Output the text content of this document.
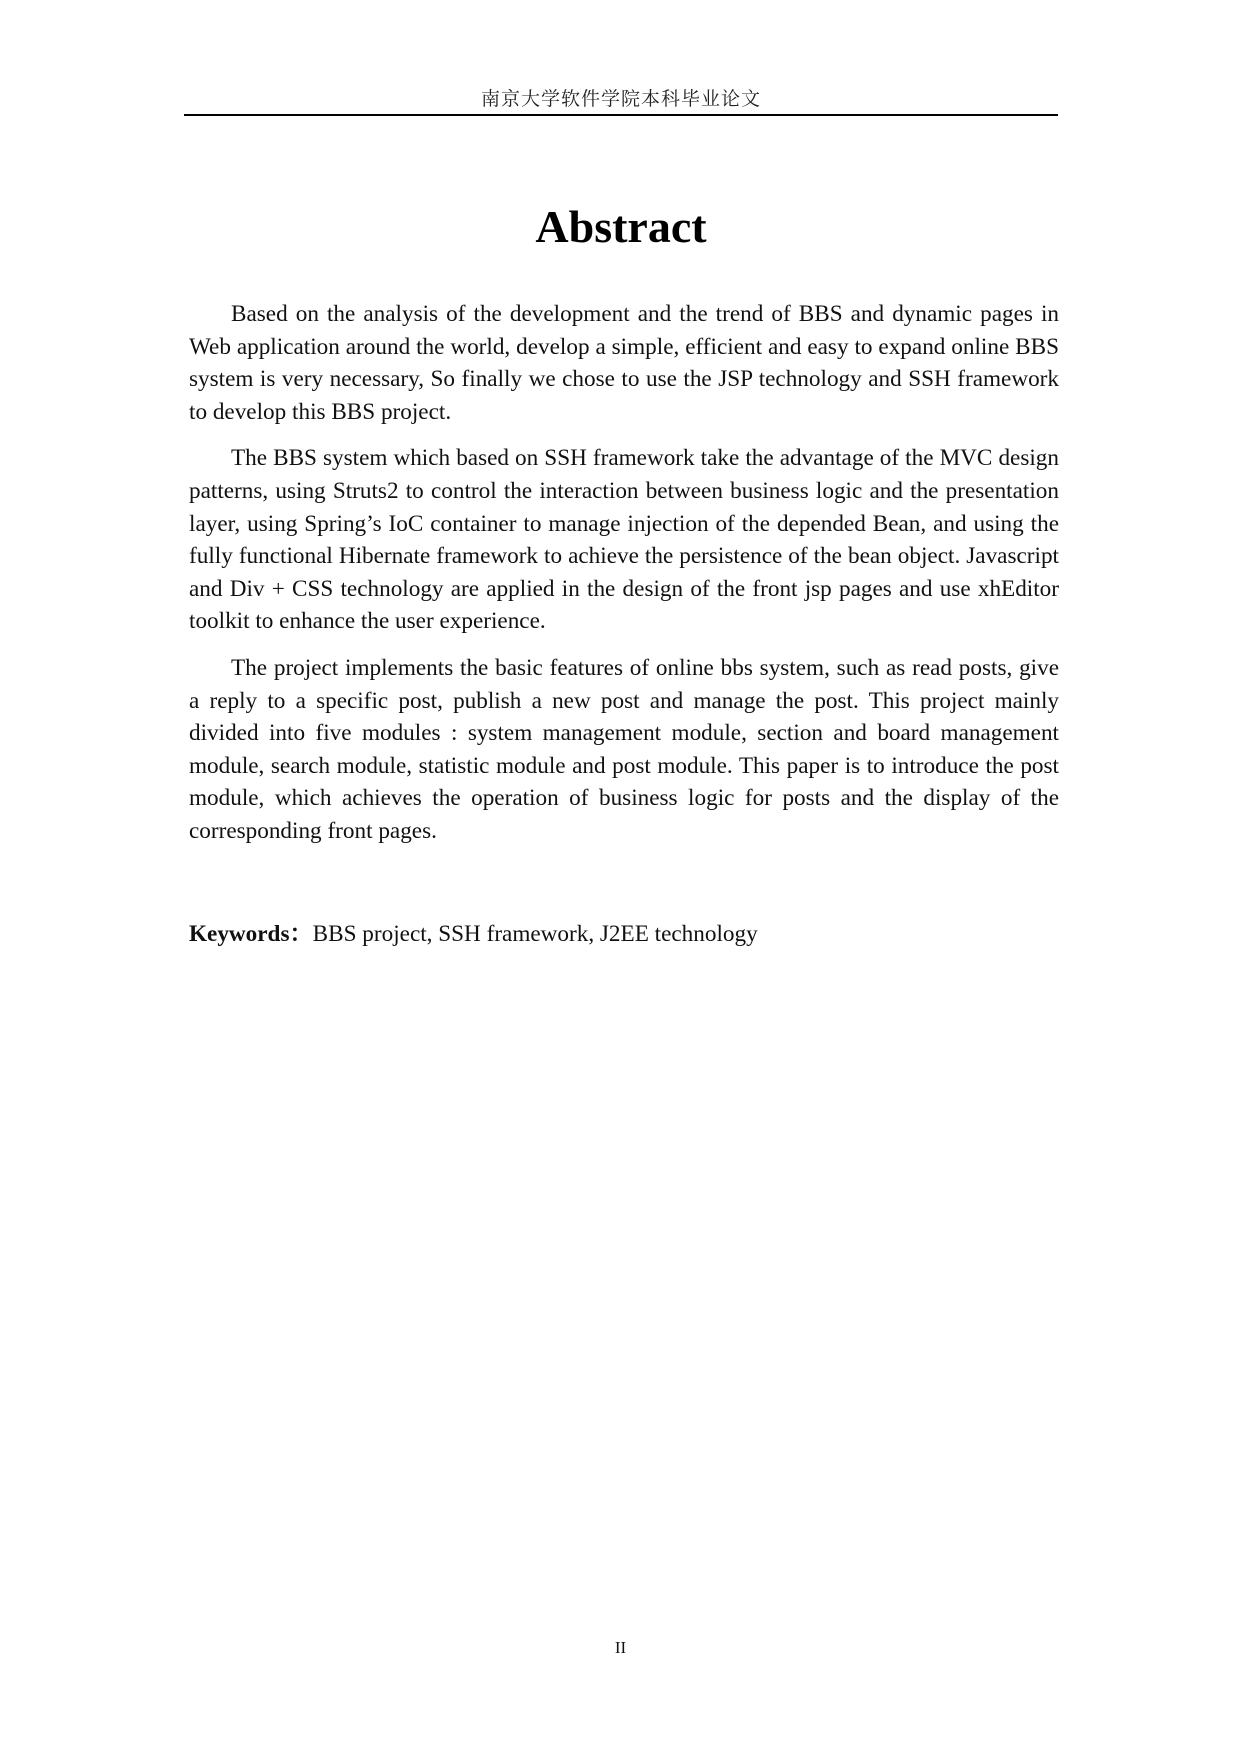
南京大学软件学院本科毕业论文
Abstract

Based on the analysis of the development and the trend of BBS and dynamic pages in Web application around the world, develop a simple, efficient and easy to expand online BBS system is very necessary, So finally we chose to use the JSP technology and SSH framework to develop this BBS project.

The BBS system which based on SSH framework take the advantage of the MVC design patterns, using Struts2 to control the interaction between business logic and the presentation layer, using Spring’s IoC container to manage injection of the depended Bean, and using the fully functional Hibernate framework to achieve the persistence of the bean object. Javascript and Div + CSS technology are applied in the design of the front jsp pages and use xhEditor toolkit to enhance the user experience.

The project implements the basic features of online bbs system, such as read posts, give a reply to a specific post, publish a new post and manage the post. This project mainly divided into five modules : system management module, section and board management module, search module, statistic module and post module. This paper is to introduce the post module, which achieves the operation of business logic for posts and the display of the corresponding front pages.

Keywords：BBS project, SSH framework, J2EE technology
II
